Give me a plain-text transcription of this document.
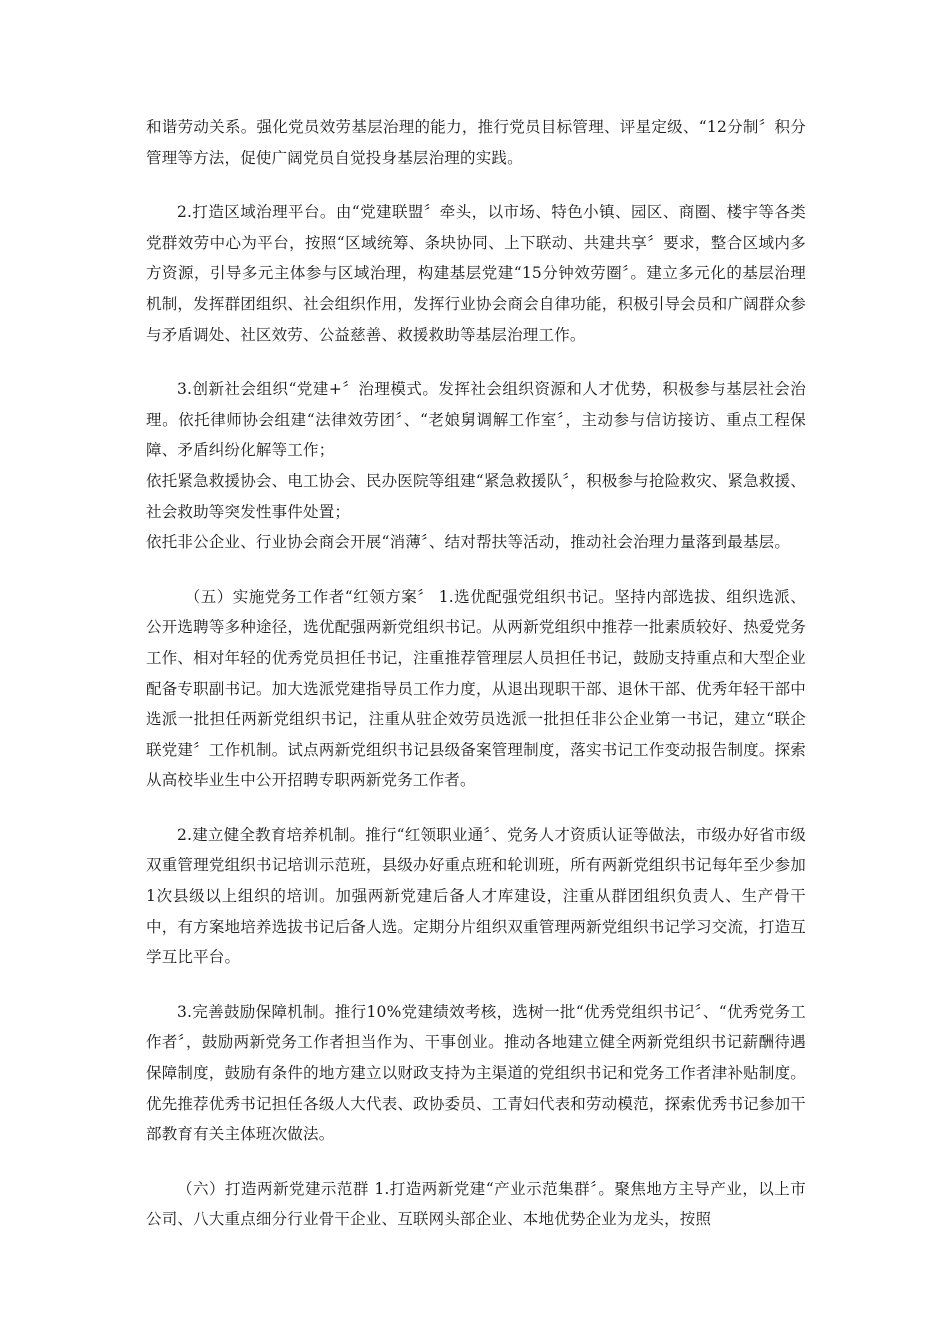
和谐劳动关系。强化党员效劳基层治理的能力，推行党员目标管理、评星定级、“12分制〞积分管理等方法，促使广阔党员自觉投身基层治理的实践。

2.打造区域治理平台。由“党建联盟〞牵头，以市场、特色小镇、园区、商圈、楼宇等各类党群效劳中心为平台，按照“区域统筹、条块协同、上下联动、共建共享〞要求，整合区域内多方资源，引导多元主体参与区域治理，构建基层党建“15分钟效劳圈〞。建立多元化的基层治理机制，发挥群团组织、社会组织作用，发挥行业协会商会自律功能，积极引导会员和广阔群众参与矛盾调处、社区效劳、公益慈善、救援救助等基层治理工作。

3.创新社会组织“党建+〞治理模式。发挥社会组织资源和人才优势，积极参与基层社会治理。依托律师协会组建“法律效劳团〞、“老娘舅调解工作室〞，主动参与信访接访、重点工程保障、矛盾纠纷化解等工作；

依托紧急救援协会、电工协会、民办医院等组建“紧急救援队〞，积极参与抢险救灾、紧急救援、社会救助等突发性事件处置；

依托非公企业、行业协会商会开展“消薄〞、结对帮扶等活动，推动社会治理力量落到最基层。

（五）实施党务工作者“红领方案〞 1.选优配强党组织书记。坚持内部选拔、组织选派、公开选聘等多种途径，选优配强两新党组织书记。从两新党组织中推荐一批素质较好、热爱党务工作、相对年轻的优秀党员担任书记，注重推荐管理层人员担任书记，鼓励支持重点和大型企业配备专职副书记。加大选派党建指导员工作力度，从退出现职干部、退休干部、优秀年轻干部中选派一批担任两新党组织书记，注重从驻企效劳员选派一批担任非公企业第一书记，建立“联企联党建〞工作机制。试点两新党组织书记县级备案管理制度，落实书记工作变动报告制度。探索从高校毕业生中公开招聘专职两新党务工作者。

2.建立健全教育培养机制。推行“红领职业通〞、党务人才资质认证等做法，市级办好省市级双重管理党组织书记培训示范班，县级办好重点班和轮训班，所有两新党组织书记每年至少参加1次县级以上组织的培训。加强两新党建后备人才库建设，注重从群团组织负责人、生产骨干中，有方案地培养选拔书记后备人选。定期分片组织双重管理两新党组织书记学习交流，打造互学互比平台。

3.完善鼓励保障机制。推行10%党建绩效考核，选树一批“优秀党组织书记〞、“优秀党务工作者〞，鼓励两新党务工作者担当作为、干事创业。推动各地建立健全两新党组织书记薪酬待遇保障制度，鼓励有条件的地方建立以财政支持为主渠道的党组织书记和党务工作者津补贴制度。优先推荐优秀书记担任各级人大代表、政协委员、工青妇代表和劳动模范，探索优秀书记参加干部教育有关主体班次做法。

（六）打造两新党建示范群 1.打造两新党建“产业示范集群〞。聚焦地方主导产业，以上市公司、八大重点细分行业骨干企业、互联网头部企业、本地优势企业为龙头，按照
